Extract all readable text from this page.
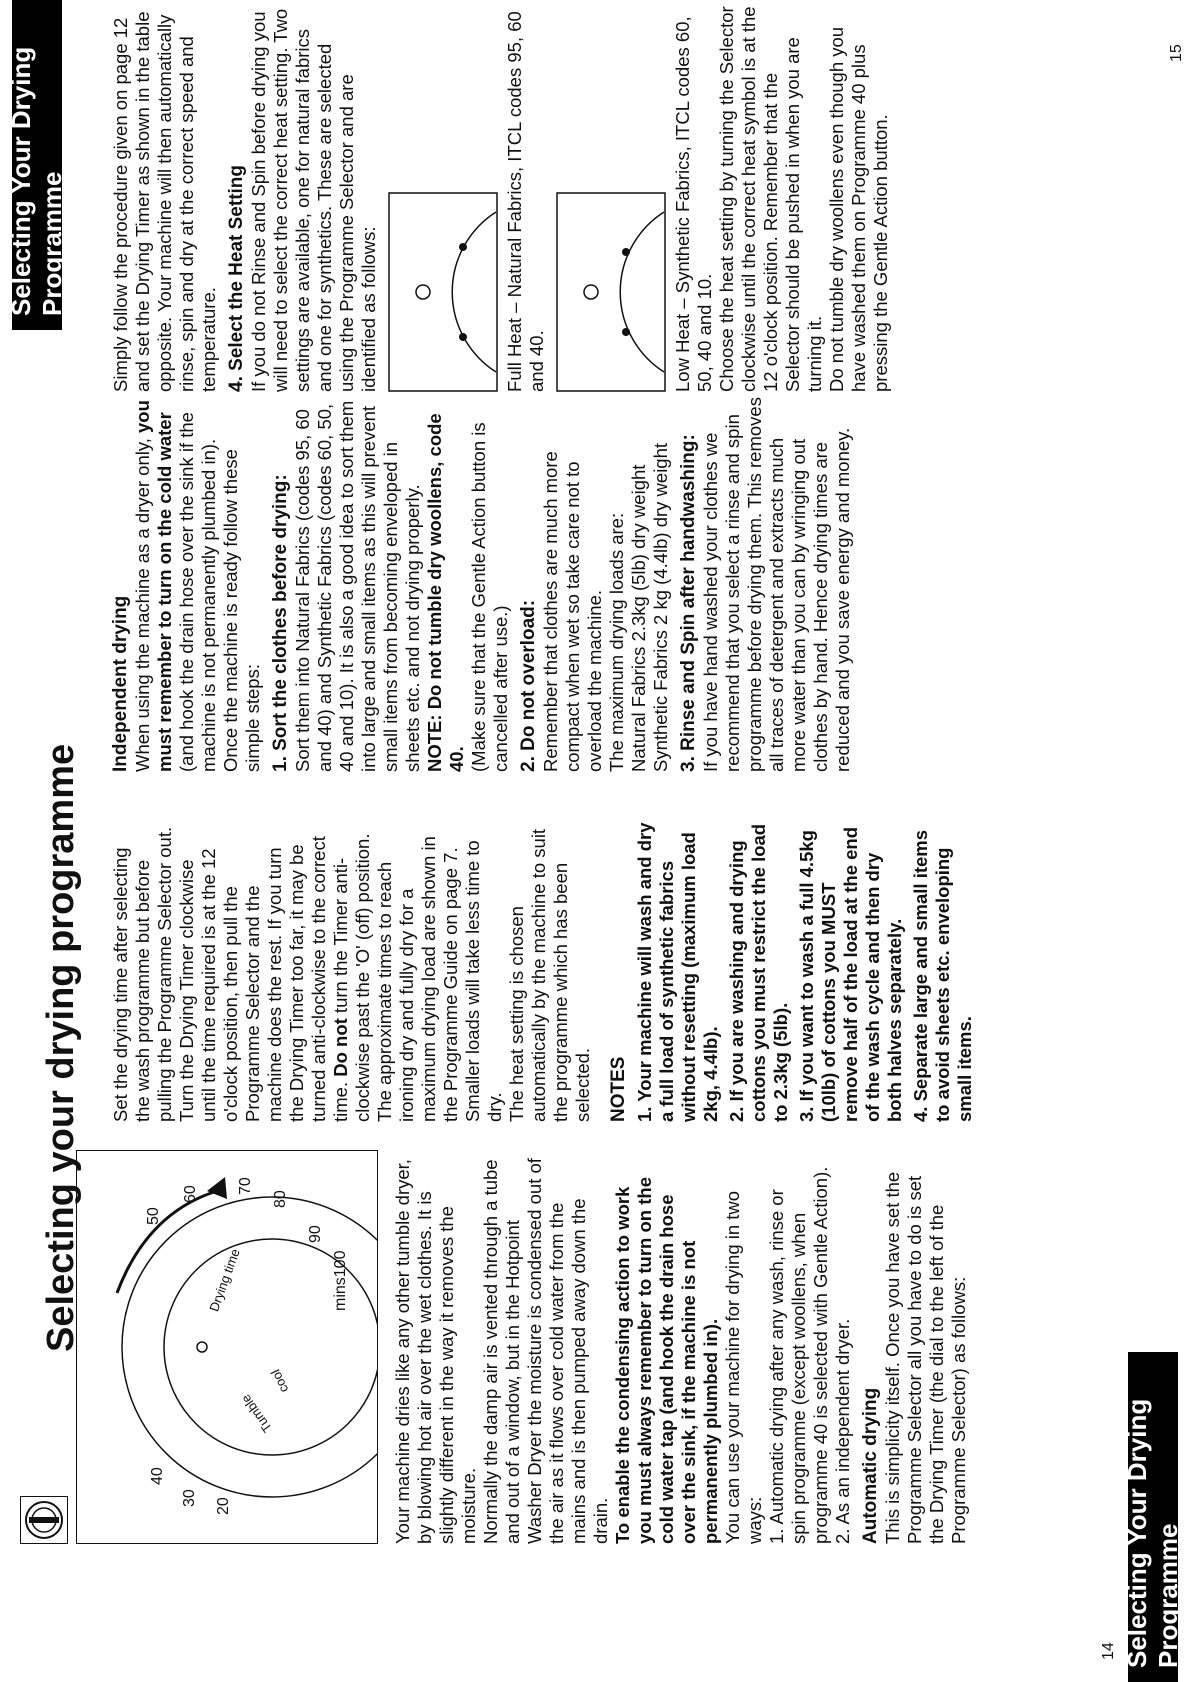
Selecting Your Drying Programme
14
Selecting your drying programme
Tumble
cool
Drying time	mins100
90
80
70
60
50
40
30 20	Your machine dries like any other tumble dryer, by blowing hot air over the wet clothes. It is slightly different in the way it removes the moisture. Normally the damp air is vented through a tube and out of a window, but in the Hotpoint Washer Dryer the moisture is condensed out of the air as it flows over cold water from the mains and is then pumped away down the drain. To enable the condensing action to work you must always remember to turn on the cold water tap (and hook the drain hose over the sink, if the machine is not permanently plumbed in). You can use your machine for drying in two ways: 1. Automatic drying after any wash, rinse or spin programme (except woollens, when programme 40 is selected with Gentle Action).

2. As an independent dryer. Automatic drying This is simplicity itself. Once you have set the Programme Selector all you have to do is set the Drying Timer (the dial to the left of the Programme Selector) as follows:

Set the drying time after selecting the wash programme but before pulling the Programme Selector out. Turn the Drying Timer clockwise until the time required is at the 12 o'clock position, then pull the Programme Selector and the machine does the rest. If you turn the Drying Timer too far, it may be turned anti-clockwise to the correct time. Do not turn the Timer anti-clockwise past the 'O' (off) position. The approximate times to reach ironing dry and fully dry for a maximum drying load are shown in the Programme Guide on page 7. Smaller loads will take less time to dry. The heat setting is chosen automatically by the machine to suit the programme which has been selected. NOTES 1. Your machine will wash and dry a full load of synthetic fabrics without resetting (maximum load 2kg, 4.4lb). 2. If you are washing and drying cottons you must restrict the load to 2.3kg (5lb). 3. If you want to wash a full 4.5kg (10lb) of cottons you MUST remove half of the load at the end of the wash cycle and then dry both halves separately. 4. Separate large and small items to avoid sheets etc. enveloping small items.

Selecting Your Drying Programme
15
Independent drying When using the machine as a dryer only, you must remember to turn on the cold water (and hook the drain hose over the sink if the machine is not permanently plumbed in). Once the machine is ready follow these simple steps: 1. Sort the clothes before drying: Sort them into Natural Fabrics (codes 95, 60 and 40) and Synthetic Fabrics (codes 60, 50, 40 and 10). It is also a good idea to sort them into large and small items as this will prevent small items from becoming enveloped in sheets etc. and not drying properly. NOTE: Do not tumble dry woollens, code 40. (Make sure that the Gentle Action button is cancelled after use.) 2. Do not overload: Remember that clothes are much more compact when wet so take care not to overload the machine. The maximum drying loads are: Natural Fabrics 2.3kg (5lb) dry weight Synthetic Fabrics 2 kg (4.4lb) dry weight 3. Rinse and Spin after handwashing: If you have hand washed your clothes we recommend that you select a rinse and spin programme before drying them. This removes all traces of detergent and extracts much more water than you can by wringing out clothes by hand. Hence drying times are reduced and you save energy and money.

Simply follow the procedure given on page 12 and set the Drying Timer as shown in the table opposite. Your machine will then automatically rinse, spin and dry at the correct speed and temperature. 4. Select the Heat Setting If you do not Rinse and Spin before drying you will need to select the correct heat setting. Two settings are available, one for natural fabrics and one for synthetics. These are selected using the Programme Selector and are identified as follows:	Full Heat – Natural Fabrics, ITCL codes 95, 60 and 40.	Low Heat – Synthetic Fabrics, ITCL codes 60, 50, 40 and 10. Choose the heat setting by turning the Selector clockwise until the correct heat symbol is at the 12 o'clock position. Remember that the Selector should be pushed in when you are turning it. Do not tumble dry woollens even though you have washed them on Programme 40 plus pressing the Gentle Action button.
